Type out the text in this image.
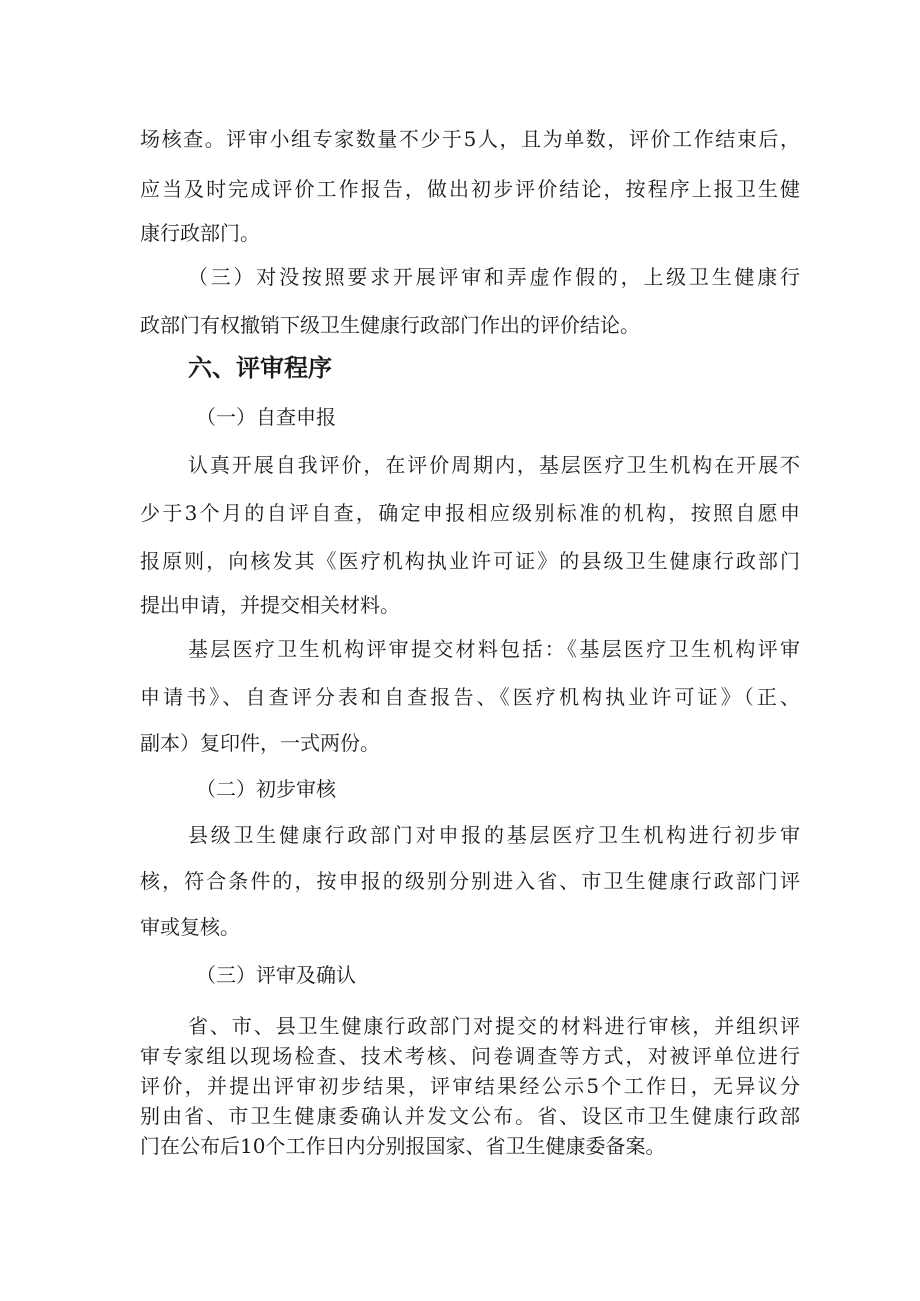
场核查。评审小组专家数量不少于5人，且为单数，评价工作结束后，
应当及时完成评价工作报告，做出初步评价结论，按程序上报卫生健
康行政部门。
（三）对没按照要求开展评审和弄虚作假的，上级卫生健康行
政部门有权撤销下级卫生健康行政部门作出的评价结论。
六、评审程序
（一）自查申报
认真开展自我评价，在评价周期内，基层医疗卫生机构在开展不
少于3个月的自评自查，确定申报相应级别标准的机构，按照自愿申
报原则，向核发其《医疗机构执业许可证》的县级卫生健康行政部门
提出申请，并提交相关材料。
基层医疗卫生机构评审提交材料包括：《基层医疗卫生机构评审
申请书》、自查评分表和自查报告、《医疗机构执业许可证》（正、
副本）复印件，一式两份。
（二）初步审核
县级卫生健康行政部门对申报的基层医疗卫生机构进行初步审
核，符合条件的，按申报的级别分别进入省、市卫生健康行政部门评
审或复核。
（三）评审及确认
省、市、县卫生健康行政部门对提交的材料进行审核，并组织评
审专家组以现场检查、技术考核、问卷调查等方式，对被评单位进行
评价，并提出评审初步结果，评审结果经公示5个工作日，无异议分
别由省、市卫生健康委确认并发文公布。省、设区市卫生健康行政部
门在公布后10个工作日内分别报国家、省卫生健康委备案。
